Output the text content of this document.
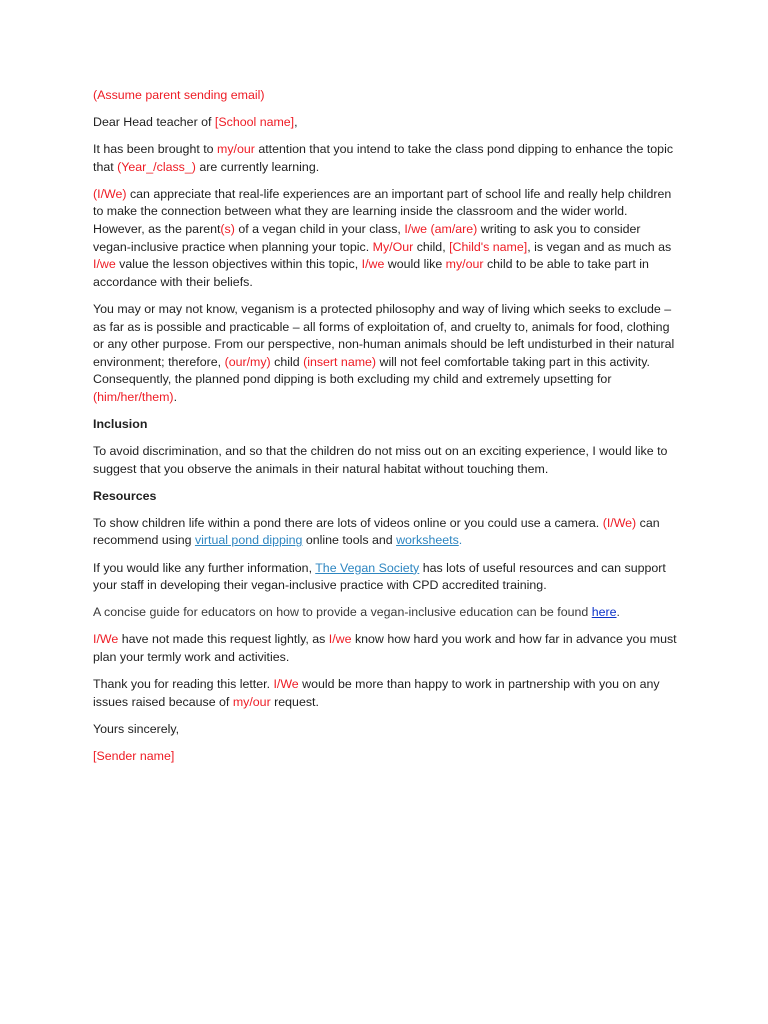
(Assume parent sending email)

Dear Head teacher of [School name],

It has been brought to my/our attention that you intend to take the class pond dipping to enhance the topic that (Year_/class_) are currently learning.

(I/We) can appreciate that real-life experiences are an important part of school life and really help children to make the connection between what they are learning inside the classroom and the wider world. However, as the parent(s) of a vegan child in your class, I/we (am/are) writing to ask you to consider vegan-inclusive practice when planning your topic. My/Our child, [Child's name], is vegan and as much as I/we value the lesson objectives within this topic, I/we would like my/our child to be able to take part in accordance with their beliefs.

You may or may not know, veganism is a protected philosophy and way of living which seeks to exclude – as far as is possible and practicable – all forms of exploitation of, and cruelty to, animals for food, clothing or any other purpose. From our perspective, non-human animals should be left undisturbed in their natural environment; therefore, (our/my) child (insert name) will not feel comfortable taking part in this activity. Consequently, the planned pond dipping is both excluding my child and extremely upsetting for (him/her/them).

Inclusion

To avoid discrimination, and so that the children do not miss out on an exciting experience, I would like to suggest that you observe the animals in their natural habitat without touching them.

Resources

To show children life within a pond there are lots of videos online or you could use a camera. (I/We) can recommend using virtual pond dipping online tools and worksheets.

If you would like any further information, The Vegan Society has lots of useful resources and can support your staff in developing their vegan-inclusive practice with CPD accredited training.

A concise guide for educators on how to provide a vegan-inclusive education can be found here.

I/We have not made this request lightly, as I/we know how hard you work and how far in advance you must plan your termly work and activities.

Thank you for reading this letter. I/We would be more than happy to work in partnership with you on any issues raised because of my/our request.

Yours sincerely,

[Sender name]
